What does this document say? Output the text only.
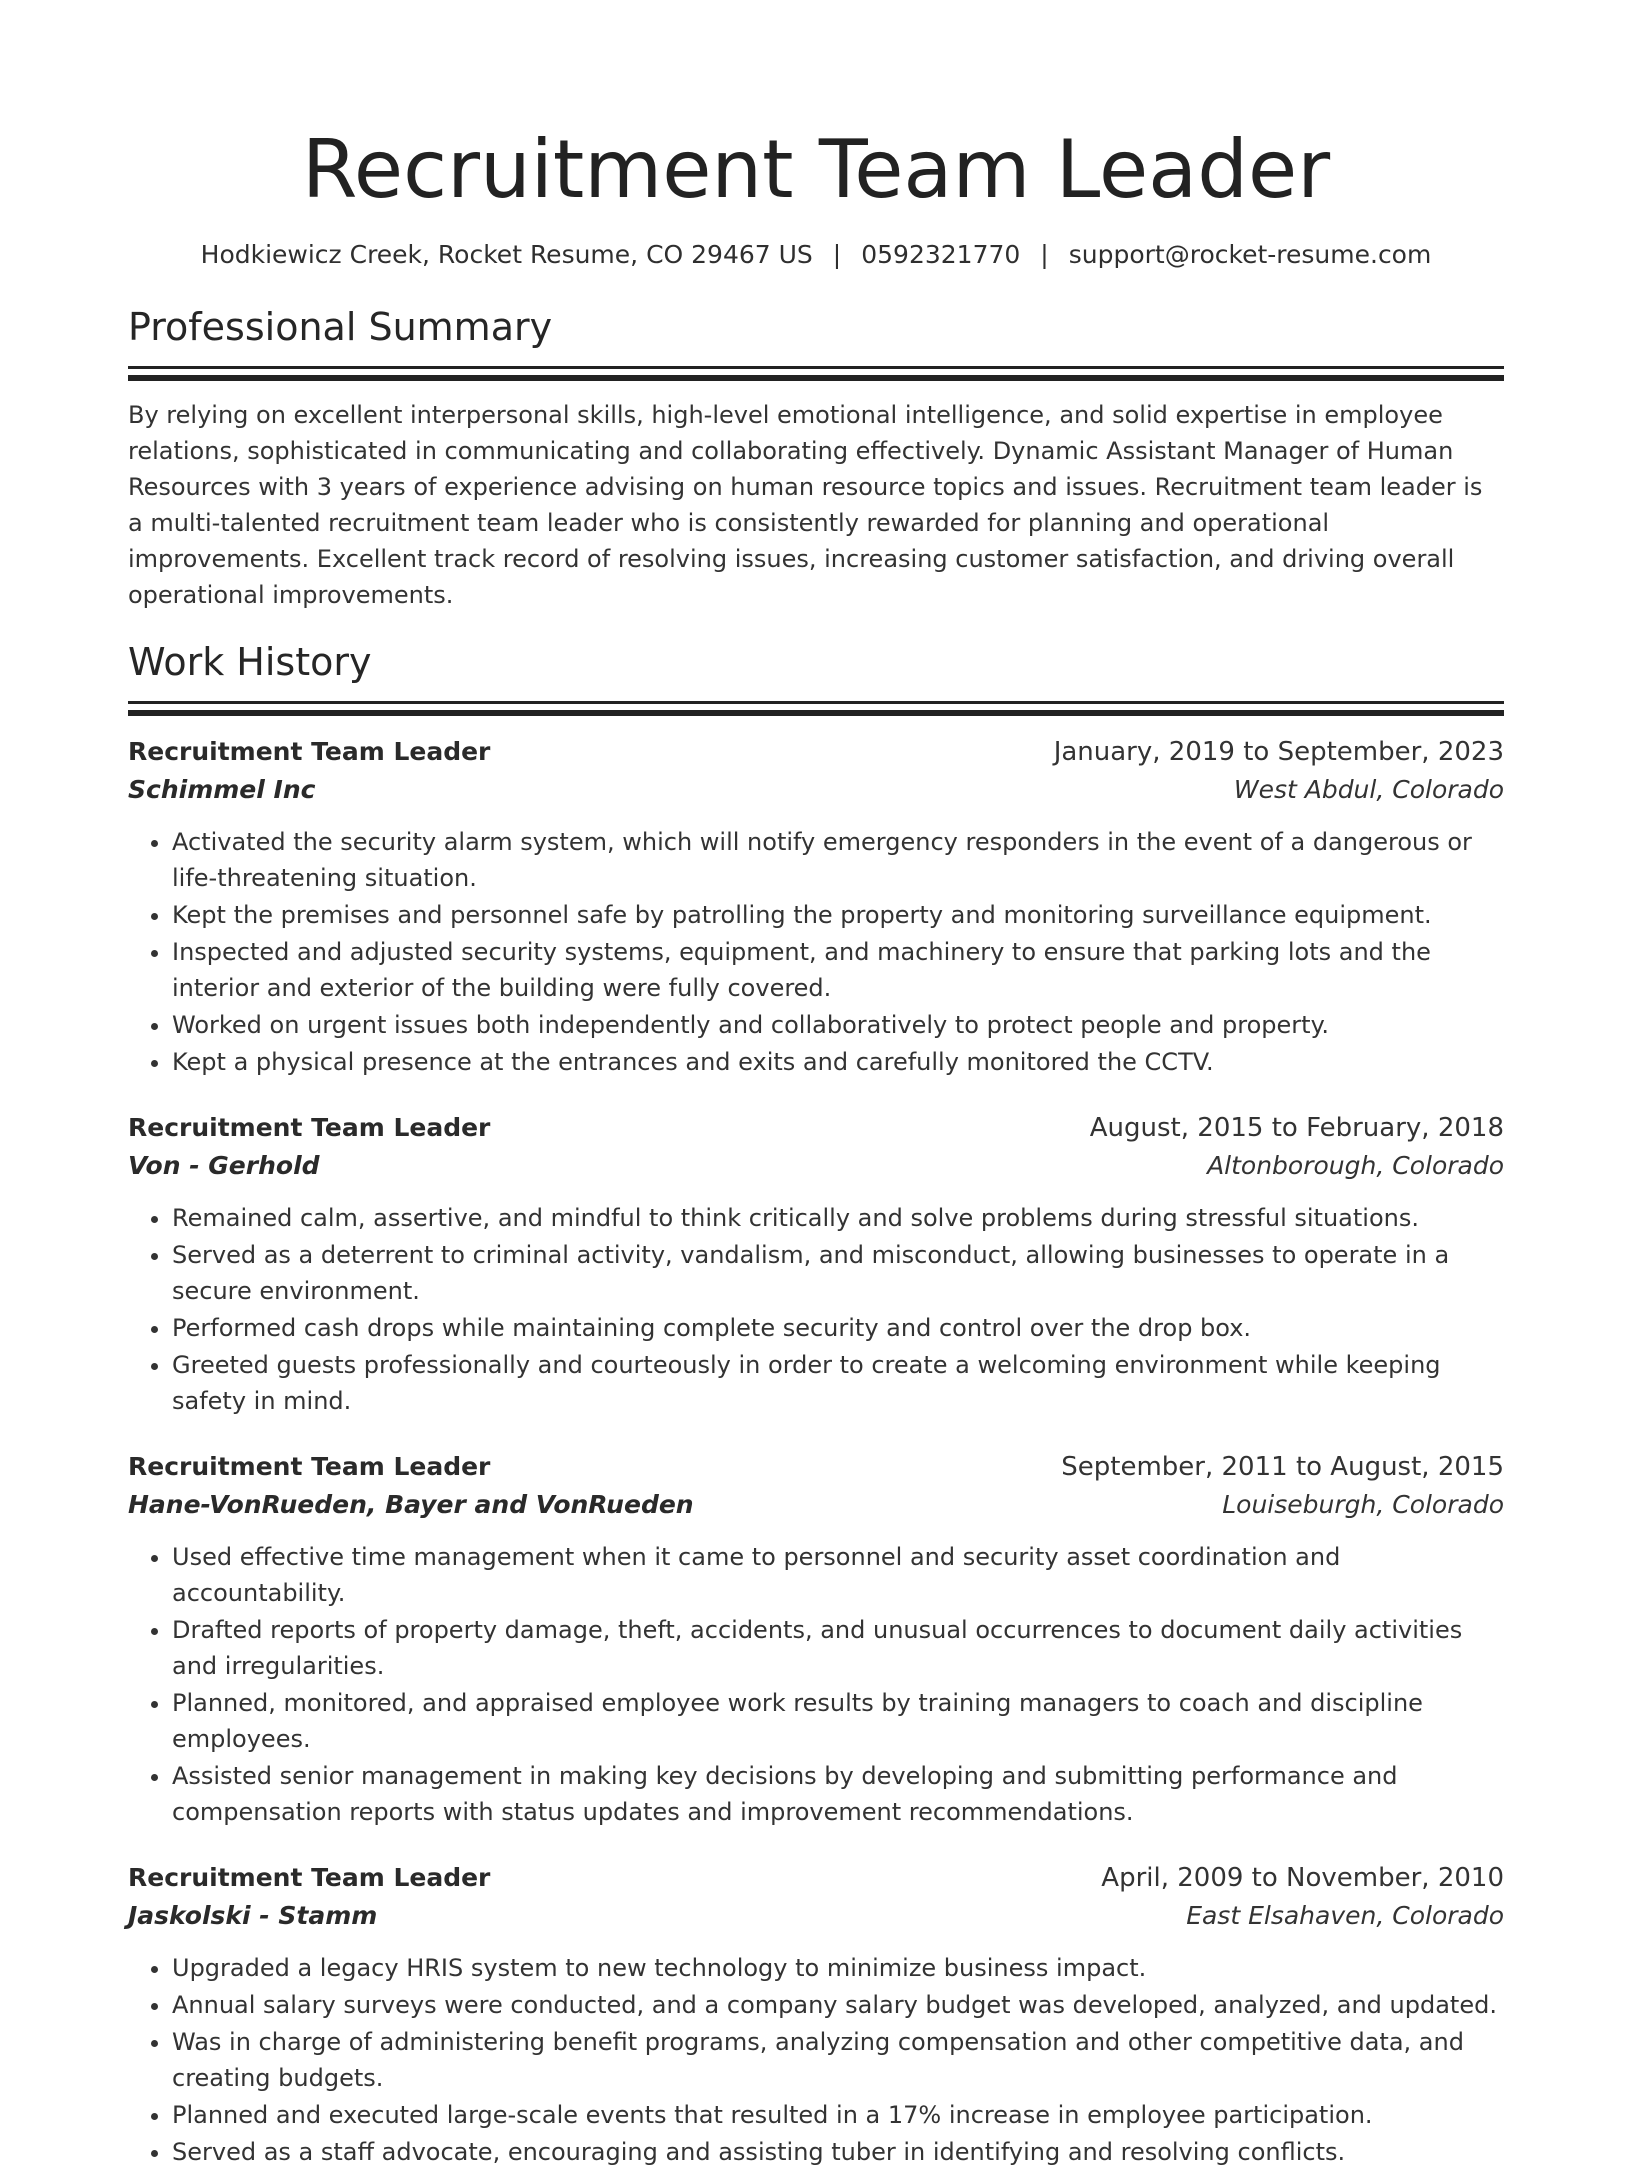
Recruitment Team Leader
Hodkiewicz Creek, Rocket Resume, CO 29467 US | 0592321770 | support@rocket-resume.com
Professional Summary

By relying on excellent interpersonal skills, high-level emotional intelligence, and solid expertise in employee relations, sophisticated in communicating and collaborating effectively. Dynamic Assistant Manager of Human Resources with 3 years of experience advising on human resource topics and issues. Recruitment team leader is a multi-talented recruitment team leader who is consistently rewarded for planning and operational improvements. Excellent track record of resolving issues, increasing customer satisfaction, and driving overall operational improvements.

Work History
Recruitment Team Leader	January, 2019 to September, 2023
Schimmel Inc	West Abdul, Colorado
• Activated the security alarm system, which will notify emergency responders in the event of a dangerous or life-threatening situation.
• Kept the premises and personnel safe by patrolling the property and monitoring surveillance equipment.
• Inspected and adjusted security systems, equipment, and machinery to ensure that parking lots and the interior and exterior of the building were fully covered.
• Worked on urgent issues both independently and collaboratively to protect people and property.
• Kept a physical presence at the entrances and exits and carefully monitored the CCTV.
Recruitment Team Leader	August, 2015 to February, 2018
Von - Gerhold	Altonborough, Colorado
• Remained calm, assertive, and mindful to think critically and solve problems during stressful situations.
• Served as a deterrent to criminal activity, vandalism, and misconduct, allowing businesses to operate in a secure environment.
• Performed cash drops while maintaining complete security and control over the drop box.
• Greeted guests professionally and courteously in order to create a welcoming environment while keeping safety in mind.
Recruitment Team Leader	September, 2011 to August, 2015
Hane-VonRueden, Bayer and VonRueden	Louiseburgh, Colorado
• Used effective time management when it came to personnel and security asset coordination and accountability.
• Drafted reports of property damage, theft, accidents, and unusual occurrences to document daily activities and irregularities.
• Planned, monitored, and appraised employee work results by training managers to coach and discipline employees.
• Assisted senior management in making key decisions by developing and submitting performance and compensation reports with status updates and improvement recommendations.
Recruitment Team Leader	April, 2009 to November, 2010
Jaskolski - Stamm	East Elsahaven, Colorado
• Upgraded a legacy HRIS system to new technology to minimize business impact.
• Annual salary surveys were conducted, and a company salary budget was developed, analyzed, and updated.
• Was in charge of administering benefit programs, analyzing compensation and other competitive data, and creating budgets.
• Planned and executed large-scale events that resulted in a 17% increase in employee participation.
• Served as a staff advocate, encouraging and assisting tuber in identifying and resolving conflicts.
